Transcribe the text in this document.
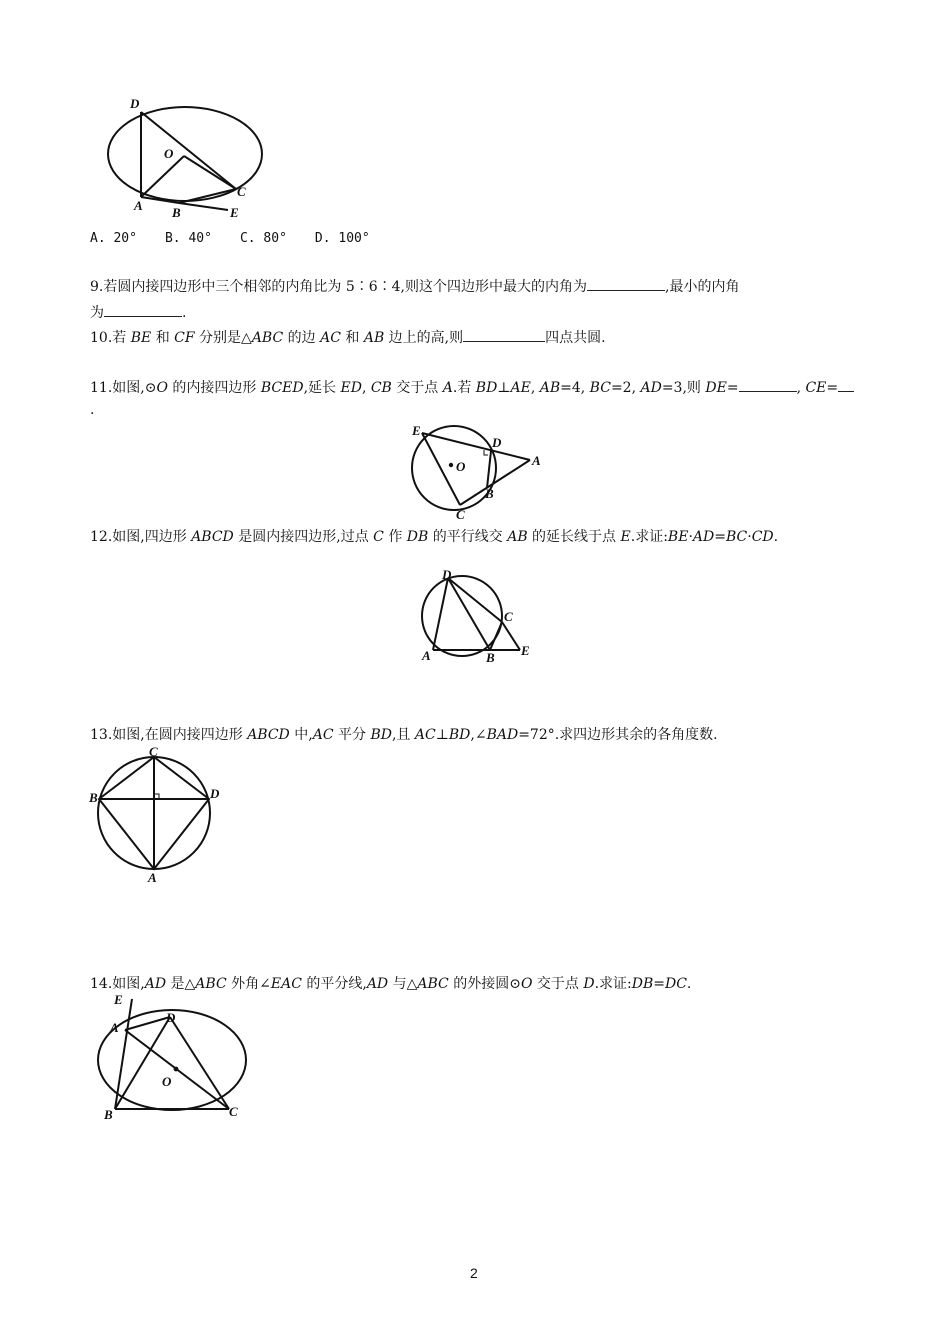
D
O
A B
C
E
A. 20° B. 40° C. 80° D. 100°
9.若圆内接四边形中三个相邻的内角比为 5∶6∶4,则这个四边形中最大的内角为	,最小的内角
为	.
10.若 BE 和 CF 分别是△ABC 的边 AC 和 AB 边上的高,则	四点共圆.
11.如图,⊙O 的内接四边形 BCED,延长 ED, CB 交于点 A.若 BD⊥AE, AB=4, BC=2, AD=3,则 DE=	, CE=
.
E
D
A
O
B
C
12.如图,四边形 ABCD 是圆内接四边形,过点 C 作 DB 的平行线交 AB 的延长线于点 E.求证:BE·AD=BC·CD.
D
C
A	B E
13.如图,在圆内接四边形 ABCD 中,AC 平分 BD,且 AC⊥BD,∠BAD=72°.求四边形其余的各角度数.
C
B	D
A
14.如图,AD 是△ABC 外角∠EAC 的平分线,AD 与△ABC 的外接圆⊙O 交于点 D.求证:DB=DC.
E
A
D
O
B	C
2
